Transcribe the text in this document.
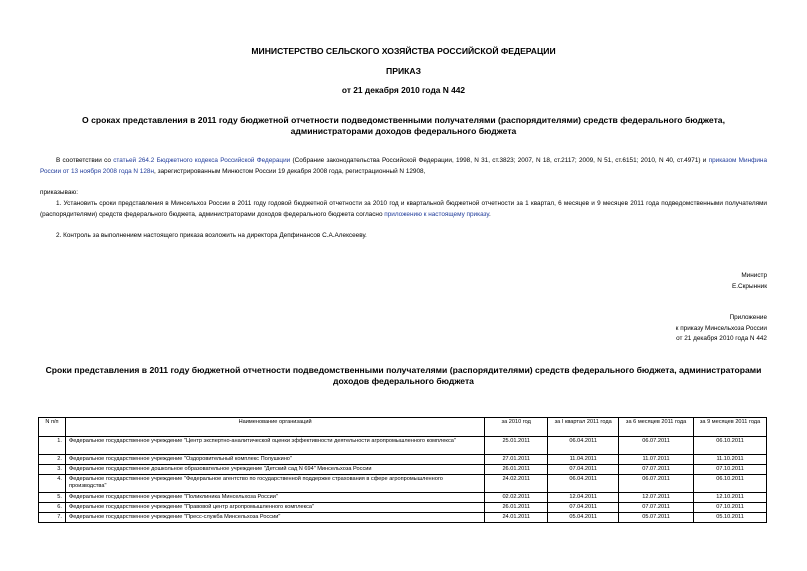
МИНИСТЕРСТВО СЕЛЬСКОГО ХОЗЯЙСТВА РОССИЙСКОЙ ФЕДЕРАЦИИ
ПРИКАЗ
от 21 декабря 2010 года N 442
О сроках представления в 2011 году бюджетной отчетности подведомственными получателями (распорядителями) средств федерального бюджета, администраторами доходов федерального бюджета
В соответствии со статьей 264.2 Бюджетного кодекса Российской Федерации (Собрание законодательства Российской Федерации, 1998, N 31, ст.3823; 2007, N 18, ст.2117; 2009, N 51, ст.6151; 2010, N 40, ст.4971) и приказом Минфина России от 13 ноября 2008 года N 128н, зарегистрированным Минюстом России 19 декабря 2008 года, регистрационный N 12908,
приказываю:
1. Установить сроки представления в Минсельхоз России в 2011 году годовой бюджетной отчетности за 2010 год и квартальной бюджетной отчетности за 1 квартал, 6 месяцев и 9 месяцев 2011 года подведомственными получателями (распорядителями) средств федерального бюджета, администраторами доходов федерального бюджета согласно приложению к настоящему приказу.
2. Контроль за выполнением настоящего приказа возложить на директора Депфинансов С.А.Алексееву.
Министр
Е.Скрынник
Приложение
к приказу Минсельхоза России
от 21 декабря 2010 года N 442
Сроки представления в 2011 году бюджетной отчетности подведомственными получателями (распорядителями) средств федерального бюджета, администраторами доходов федерального бюджета
N п/п	Наименование организаций	за 2010 год	за I квартал 2011 года	за 6 месяцев 2011 года	за 9 месяцев 2011 года
1.	Федеральное государственное учреждение "Центр экспертно-аналитической оценки эффективности деятельности агропромышленного комплекса"	25.01.2011	06.04.2011	06.07.2011	06.10.2011
2.	Федеральное государственное учреждение "Оздоровительный комплекс Полушкино"	27.01.2011	11.04.2011	11.07.2011	11.10.2011
3.	Федеральное государственное дошкольное образовательное учреждение "Детский сад N 694" Минсельхоза России	26.01.2011	07.04.2011	07.07.2011	07.10.2011
4.	Федеральное государственное учреждение "Федеральное агентство по государственной поддержке страхования в сфере агропромышленного производства"	24.02.2011	06.04.2011	06.07.2011	06.10.2011
5.	Федеральное государственное учреждение "Поликлиника Минсельхоза России"	02.02.2011	12.04.2011	12.07.2011	12.10.2011
6.	Федеральное государственное учреждение "Правовой центр агропромышленного комплекса"	26.01.2011	07.04.2011	07.07.2011	07.10.2011
7.	Федеральное государственное учреждение "Пресс-служба Минсельхоза России"	24.01.2011	05.04.2011	05.07.2011	05.10.2011
